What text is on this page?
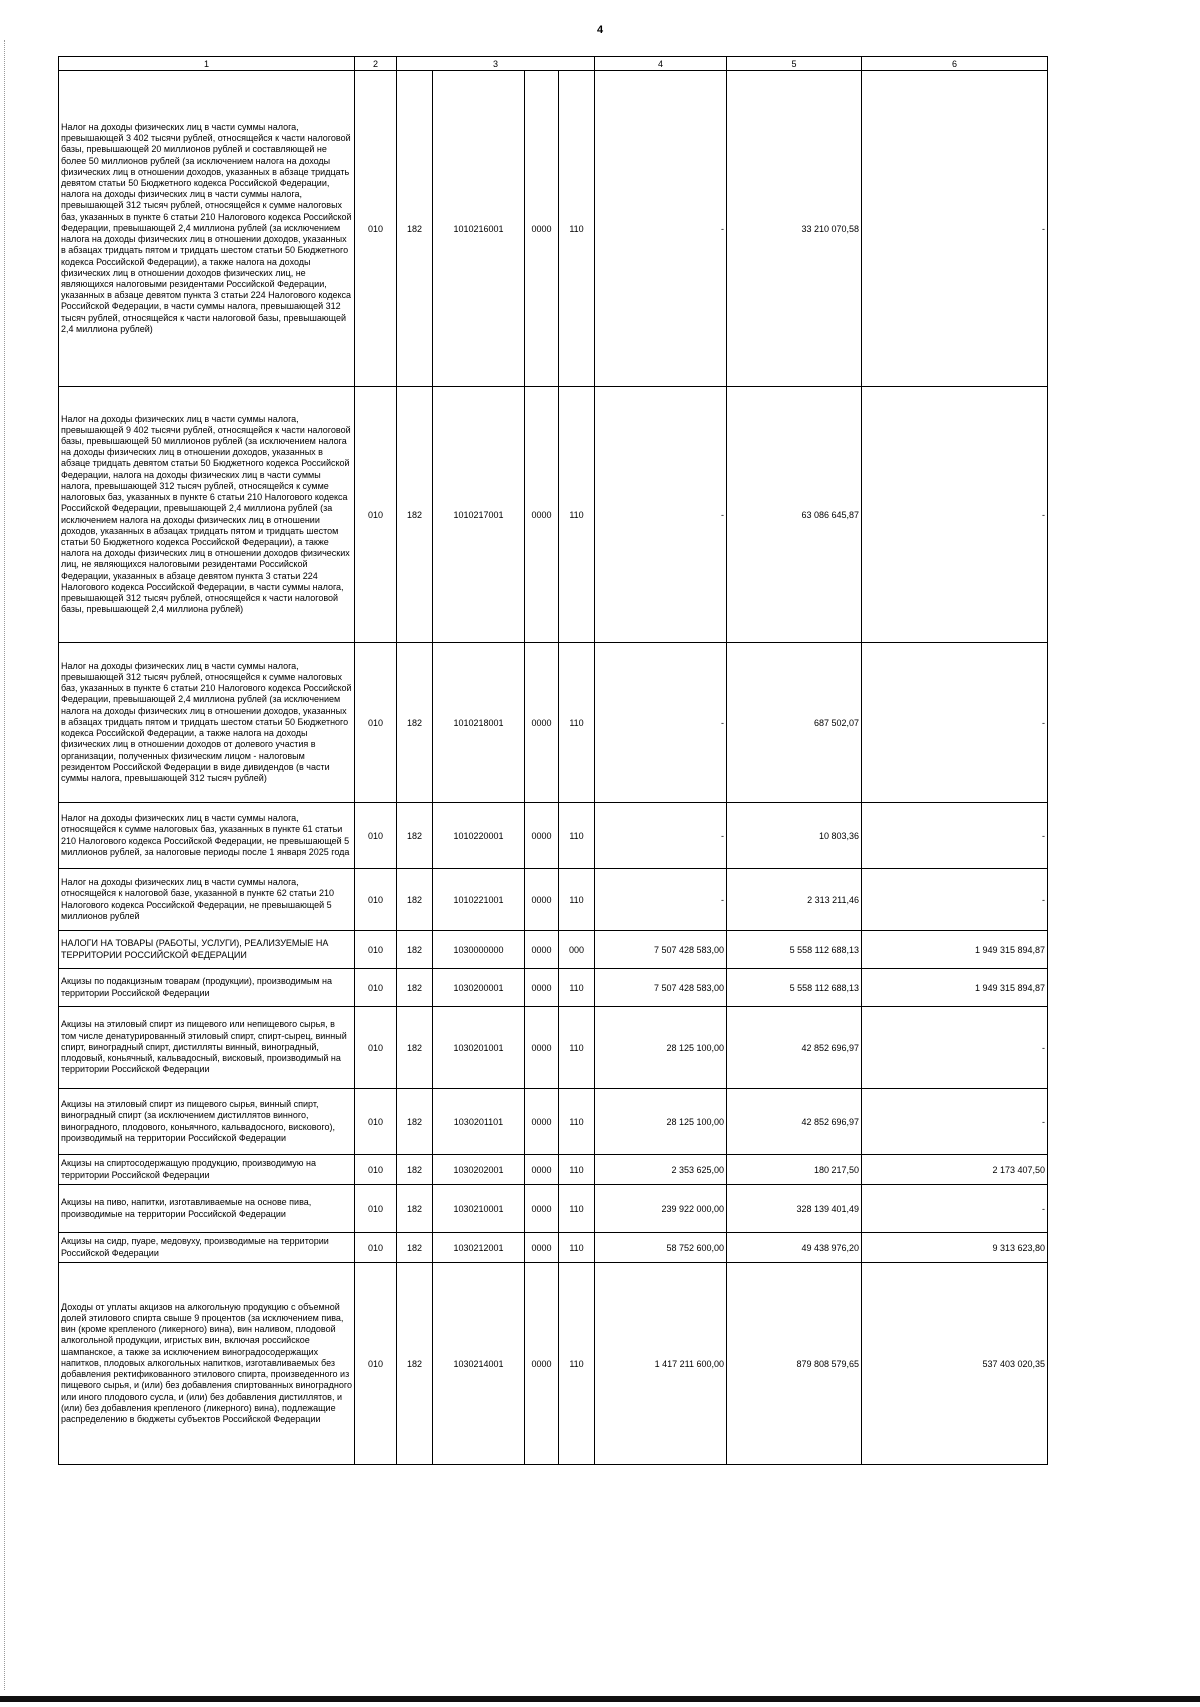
4
1	2	3				4	5	6
Налог на доходы физических лиц в части суммы налога, превышающей 3 402 тысячи рублей, относящейся к части налоговой базы, превышающей 20 миллионов рублей и составляющей не более 50 миллионов рублей (за исключением налога на доходы физических лиц в отношении доходов, указанных в абзаце тридцать девятом статьи 50 Бюджетного кодекса Российской Федерации, налога на доходы физических лиц в части суммы налога, превышающей 312 тысяч рублей, относящейся к сумме налоговых баз, указанных в пункте 6 статьи 210 Налогового кодекса Российской Федерации, превышающей 2,4 миллиона рублей (за исключением налога на доходы физических лиц в отношении доходов, указанных в абзацах тридцать пятом и тридцать шестом статьи 50 Бюджетного кодекса Российской Федерации), а также налога на доходы физических лиц в отношении доходов физических лиц, не являющихся налоговыми резидентами Российской Федерации, указанных в абзаце девятом пункта 3 статьи 224 Налогового кодекса Российской Федерации, в части суммы налога, превышающей 312 тысяч рублей, относящейся к части налоговой базы, превышающей 2,4 миллиона рублей)	010	182	1010216001	0000	110	-	33 210 070,58	-
Налог на доходы физических лиц в части суммы налога, превышающей 9 402 тысячи рублей, относящейся к части налоговой базы, превышающей 50 миллионов рублей (за исключением налога на доходы физических лиц в отношении доходов, указанных в абзаце тридцать девятом статьи 50 Бюджетного кодекса Российской Федерации, налога на доходы физических лиц в части суммы налога, превышающей 312 тысяч рублей, относящейся к сумме налоговых баз, указанных в пункте 6 статьи 210 Налогового кодекса Российской Федерации, превышающей 2,4 миллиона рублей (за исключением налога на доходы физических лиц в отношении доходов, указанных в абзацах тридцать пятом и тридцать шестом статьи 50 Бюджетного кодекса Российской Федерации), а также налога на доходы физических лиц в отношении доходов физических лиц, не являющихся налоговыми резидентами Российской Федерации, указанных в абзаце девятом пункта 3 статьи 224 Налогового кодекса Российской Федерации, в части суммы налога, превышающей 312 тысяч рублей, относящейся к части налоговой базы, превышающей 2,4 миллиона рублей)	010	182	1010217001	0000	110	-	63 086 645,87	-
Налог на доходы физических лиц в части суммы налога, превышающей 312 тысяч рублей, относящейся к сумме налоговых баз, указанных в пункте 6 статьи 210 Налогового кодекса Российской Федерации, превышающей 2,4 миллиона рублей (за исключением налога на доходы физических лиц в отношении доходов, указанных в абзацах тридцать пятом и тридцать шестом статьи 50 Бюджетного кодекса Российской Федерации, а также налога на доходы физических лиц в отношении доходов от долевого участия в организации, полученных физическим лицом - налоговым резидентом Российской Федерации в виде дивидендов (в части суммы налога, превышающей 312 тысяч рублей)	010	182	1010218001	0000	110	-	687 502,07	-
Налог на доходы физических лиц в части суммы налога, относящейся к сумме налоговых баз, указанных в пункте 61 статьи 210 Налогового кодекса Российской Федерации, не превышающей 5 миллионов рублей, за налоговые периоды после 1 января 2025 года	010	182	1010220001	0000	110	-	10 803,36	-
Налог на доходы физических лиц в части суммы налога, относящейся к налоговой базе, указанной в пункте 62 статьи 210 Налогового кодекса Российской Федерации, не превышающей 5 миллионов рублей	010	182	1010221001	0000	110	-	2 313 211,46	-
НАЛОГИ НА ТОВАРЫ (РАБОТЫ, УСЛУГИ), РЕАЛИЗУЕМЫЕ НА ТЕРРИТОРИИ РОССИЙСКОЙ ФЕДЕРАЦИИ	010	182	1030000000	0000	000	7 507 428 583,00	5 558 112 688,13	1 949 315 894,87
Акцизы по подакцизным товарам (продукции), производимым на территории Российской Федерации	010	182	1030200001	0000	110	7 507 428 583,00	5 558 112 688,13	1 949 315 894,87
Акцизы на этиловый спирт из пищевого или непищевого сырья, в том числе денатурированный этиловый спирт, спирт-сырец, винный спирт, виноградный спирт, дистилляты винный, виноградный, плодовый, коньячный, кальвадосный, висковый, производимый на территории Российской Федерации	010	182	1030201001	0000	110	28 125 100,00	42 852 696,97	-
Акцизы на этиловый спирт из пищевого сырья, винный спирт, виноградный спирт (за исключением дистиллятов винного, виноградного, плодового, коньячного, кальвадосного, вискового), производимый на территории Российской Федерации	010	182	1030201101	0000	110	28 125 100,00	42 852 696,97	-
Акцизы на спиртосодержащую продукцию, производимую на территории Российской Федерации	010	182	1030202001	0000	110	2 353 625,00	180 217,50	2 173 407,50
Акцизы на пиво, напитки, изготавливаемые на основе пива, производимые на территории Российской Федерации	010	182	1030210001	0000	110	239 922 000,00	328 139 401,49	-
Акцизы на сидр, пуаре, медовуху, производимые на территории Российской Федерации	010	182	1030212001	0000	110	58 752 600,00	49 438 976,20	9 313 623,80
Доходы от уплаты акцизов на алкогольную продукцию с объемной долей этилового спирта свыше 9 процентов (за исключением пива, вин (кроме крепленого (ликерного) вина), вин наливом, плодовой алкогольной продукции, игристых вин, включая российское шампанское, а также за исключением виноградосодержащих напитков, плодовых алкогольных напитков, изготавливаемых без добавления ректификованного этилового спирта, произведенного из пищевого сырья, и (или) без добавления спиртованных виноградного или иного плодового сусла, и (или) без добавления дистиллятов, и (или) без добавления крепленого (ликерного) вина), подлежащие распределению в бюджеты субъектов Российской Федерации	010	182	1030214001	0000	110	1 417 211 600,00	879 808 579,65	537 403 020,35
